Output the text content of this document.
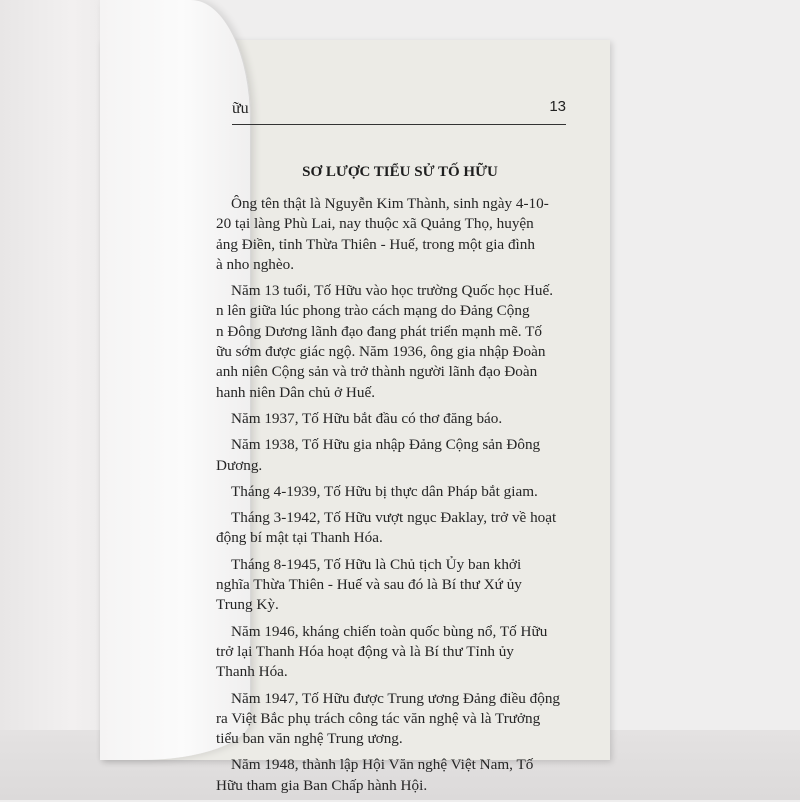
ữu	13
SƠ LƯỢC TIỂU SỬ TỐ HỮU
Ông tên thật là Nguyễn Kim Thành, sinh ngày 4-10-
20 tại làng Phù Lai, nay thuộc xã Quảng Thọ, huyện
ảng Điền, tỉnh Thừa Thiên - Huế, trong một gia đình
à nho nghèo.
Năm 13 tuổi, Tố Hữu vào học trường Quốc học Huế.
n lên giữa lúc phong trào cách mạng do Đảng Cộng
n Đông Dương lãnh đạo đang phát triển mạnh mẽ. Tố
ữu sớm được giác ngộ. Năm 1936, ông gia nhập Đoàn
anh niên Cộng sản và trở thành người lãnh đạo Đoàn
hanh niên Dân chủ ở Huế.
Năm 1937, Tố Hữu bắt đầu có thơ đăng báo.
Năm 1938, Tố Hữu gia nhập Đảng Cộng sản Đông
Dương.
Tháng 4-1939, Tố Hữu bị thực dân Pháp bắt giam.
Tháng 3-1942, Tố Hữu vượt ngục Đaklay, trở về hoạt
động bí mật tại Thanh Hóa.
Tháng 8-1945, Tố Hữu là Chủ tịch Ủy ban khởi
nghĩa Thừa Thiên - Huế và sau đó là Bí thư Xứ ủy
Trung Kỳ.
Năm 1946, kháng chiến toàn quốc bùng nổ, Tố Hữu
trở lại Thanh Hóa hoạt động và là Bí thư Tỉnh ủy
Thanh Hóa.
Năm 1947, Tố Hữu được Trung ương Đảng điều động
ra Việt Bắc phụ trách công tác văn nghệ và là Trưởng
tiểu ban văn nghệ Trung ương.
Năm 1948, thành lập Hội Văn nghệ Việt Nam, Tố
Hữu tham gia Ban Chấp hành Hội.
